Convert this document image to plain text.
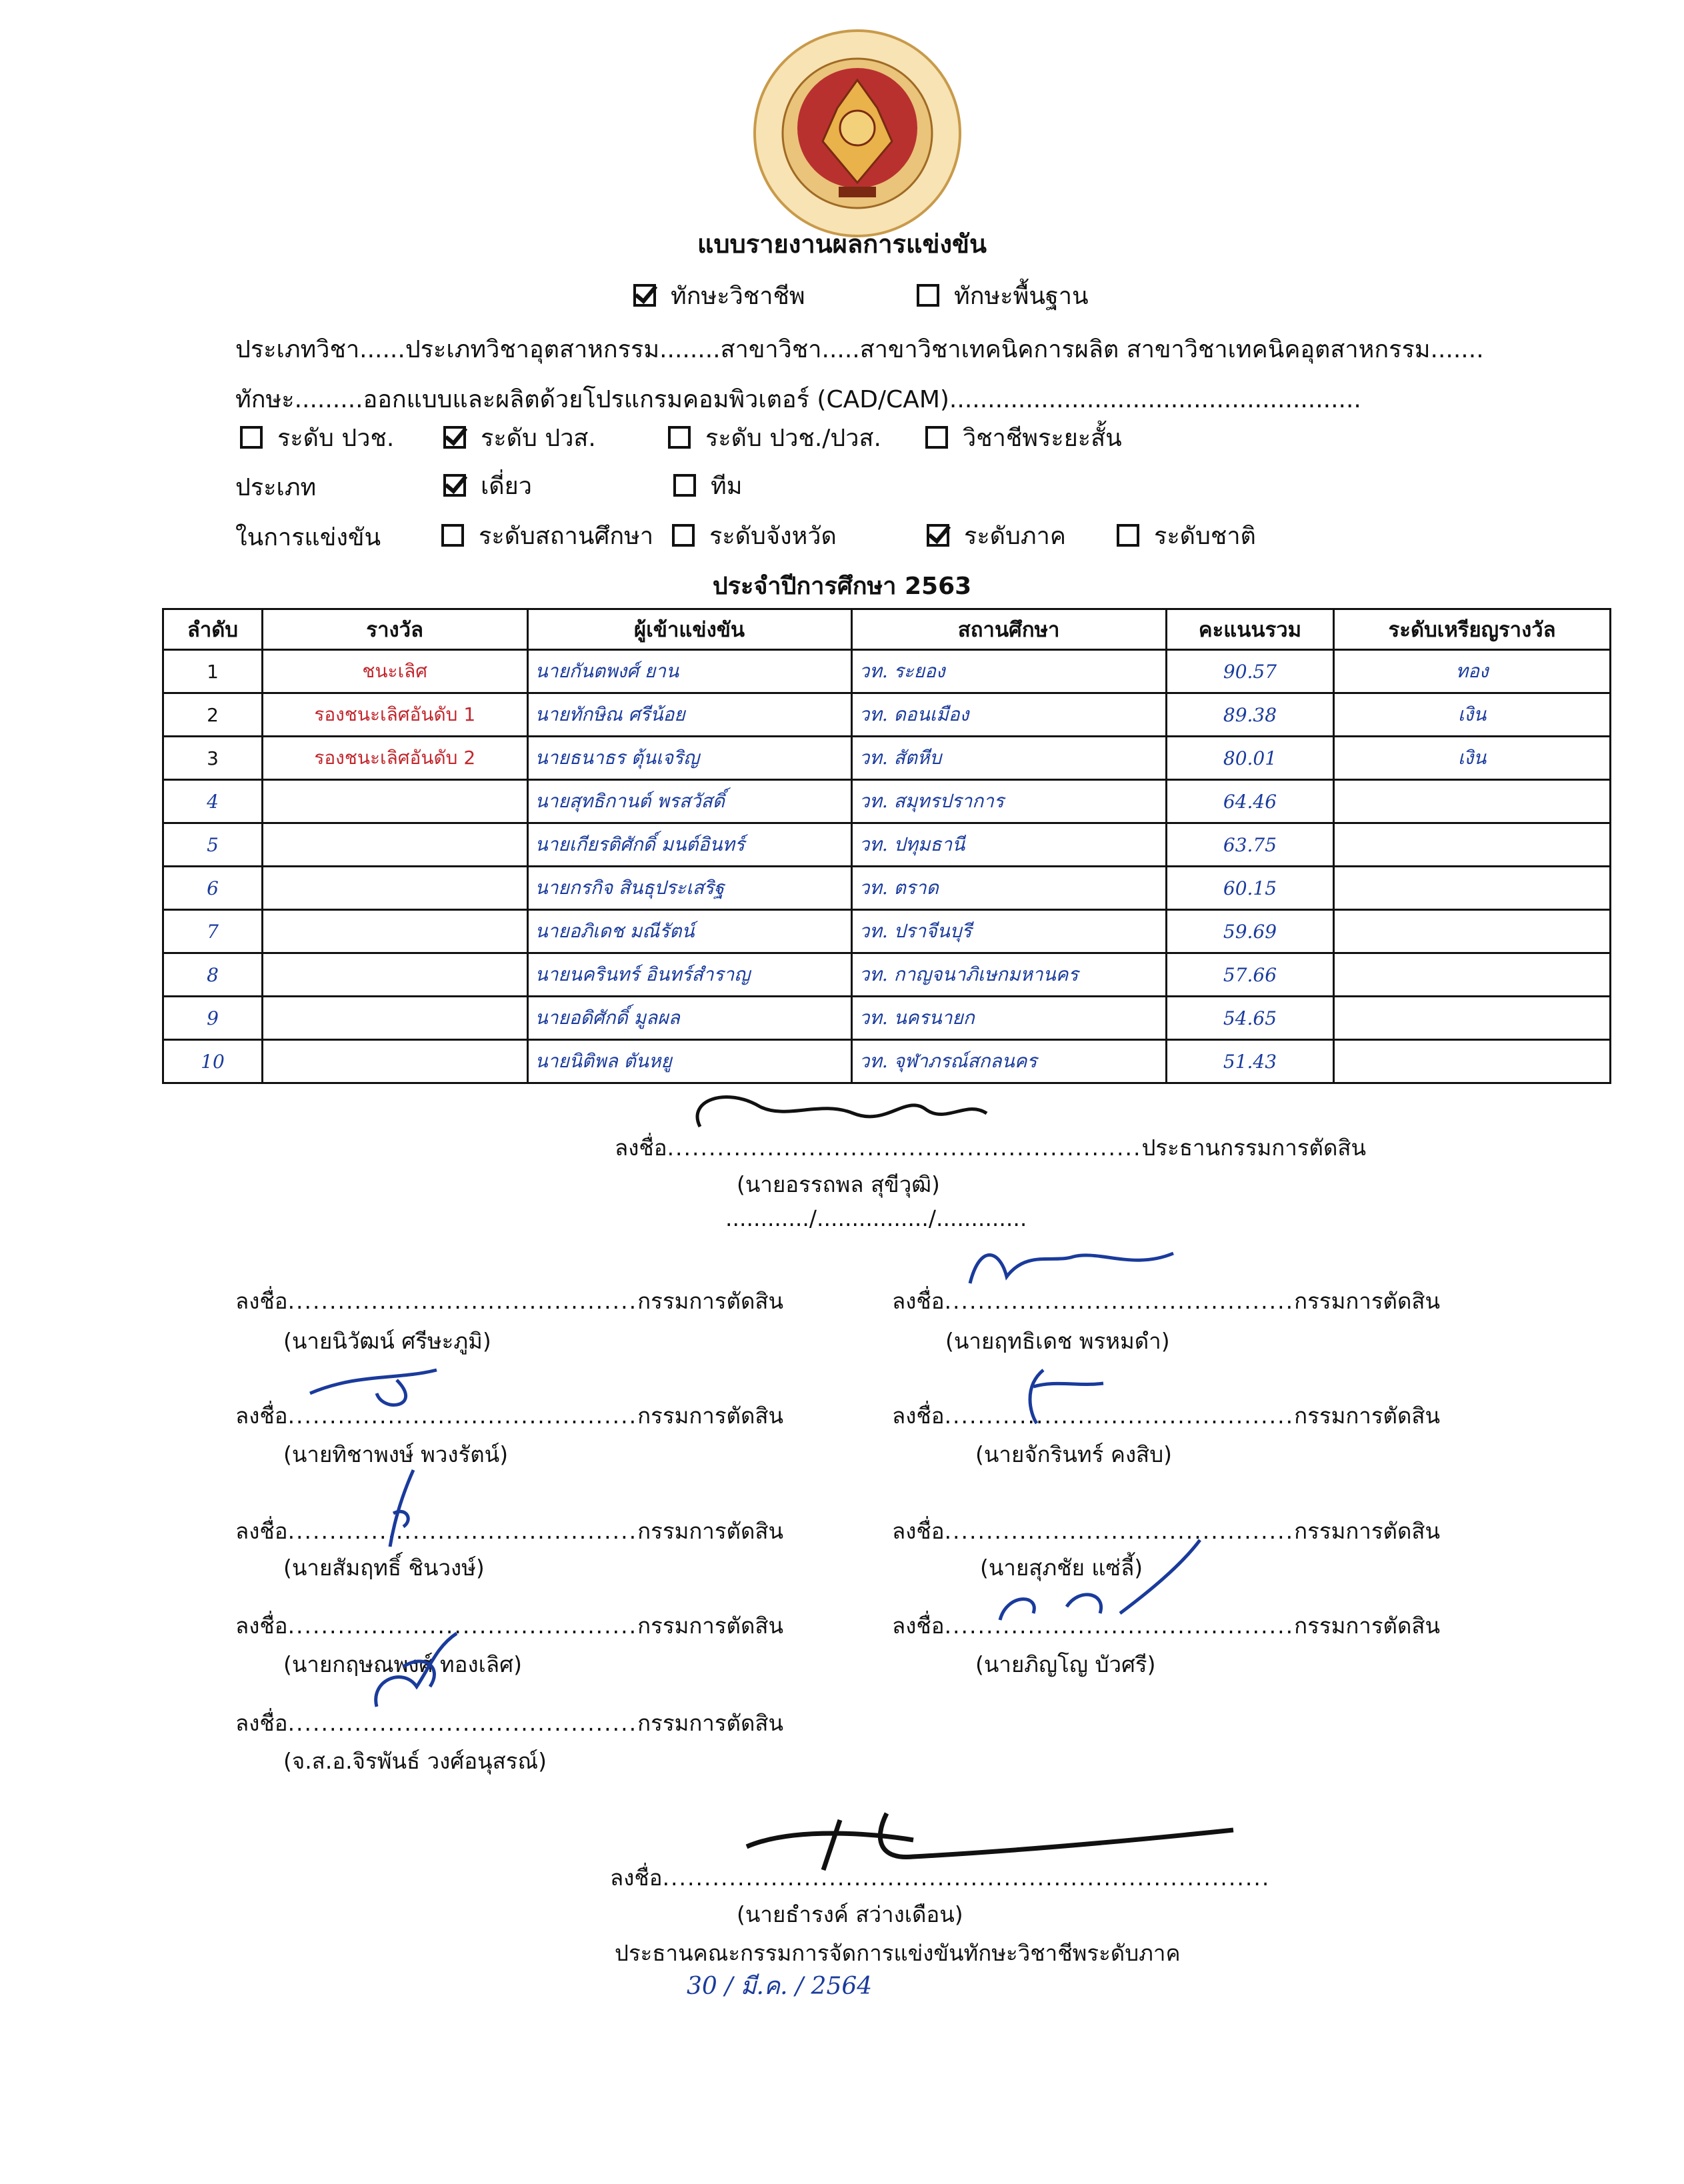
แบบรายงานผลการแข่งขัน
ทักษะวิชาชีพ	ทักษะพื้นฐาน
ประเภทวิชา......ประเภทวิชาอุตสาหกรรม........สาขาวิชา.....สาขาวิชาเทคนิคการผลิต สาขาวิชาเทคนิคอุตสาหกรรม.......
ทักษะ.........ออกแบบและผลิตด้วยโปรแกรมคอมพิวเตอร์ (CAD/CAM)......................................................
ระดับ ปวช.	ระดับ ปวส.	ระดับ ปวช./ปวส.	วิชาชีพระยะสั้น
ประเภท	เดี่ยว	ทีม
ในการแข่งขัน	ระดับสถานศึกษา	ระดับจังหวัด	ระดับภาค	ระดับชาติ
ประจำปีการศึกษา 2563
ลำดับ	รางวัล	ผู้เข้าแข่งขัน	สถานศึกษา	คะแนนรวม	ระดับเหรียญรางวัล
1	ชนะเลิศ	นายกันตพงศ์ ยาน	วท. ระยอง	90.57	ทอง
2	รองชนะเลิศอันดับ 1	นายทักษิณ ศรีน้อย	วท. ดอนเมือง	89.38	เงิน
3	รองชนะเลิศอันดับ 2	นายธนาธร ตุ้นเจริญ	วท. สัตหีบ	80.01	เงิน
4		นายสุทธิกานต์ พรสวัสดิ์	วท. สมุทรปราการ	64.46	
5		นายเกียรติศักดิ์ มนต์อินทร์	วท. ปทุมธานี	63.75	
6		นายกรกิจ สินธุประเสริฐ	วท. ตราด	60.15	
7		นายอภิเดช มณีรัตน์	วท. ปราจีนบุรี	59.69	
8		นายนครินทร์ อินทร์สำราญ	วท. กาญจนาภิเษกมหานคร	57.66	
9		นายอดิศักดิ์ มูลผล	วท. นครนายก	54.65	
10		นายนิติพล ตันหยู	วท. จุฬาภรณ์สกลนคร	51.43	
ลงชื่อ.........................................................ประธานกรรมการตัดสิน
(นายอรรถพล สุขีวุฒิ)
............/................/.............
ลงชื่อ..........................................กรรมการตัดสิน
(นายนิวัฒน์ ศรีษะภูมิ)
ลงชื่อ..........................................กรรมการตัดสิน
(นายทิชาพงษ์ พวงรัตน์)
ลงชื่อ..........................................กรรมการตัดสิน
(นายสัมฤทธิ์ ชินวงษ์)
ลงชื่อ..........................................กรรมการตัดสิน
(นายกฤษณพงศ์ ทองเลิศ)
ลงชื่อ..........................................กรรมการตัดสิน
(จ.ส.อ.จิรพันธ์ วงศ์อนุสรณ์)
ลงชื่อ..........................................กรรมการตัดสิน
(นายฤทธิเดช พรหมดำ)
ลงชื่อ..........................................กรรมการตัดสิน
(นายจักรินทร์ คงสิบ)
ลงชื่อ..........................................กรรมการตัดสิน
(นายสุภชัย แซ่ลี้)
ลงชื่อ..........................................กรรมการตัดสิน
(นายภิญโญ บัวศรี)
ลงชื่อ.........................................................................
(นายธำรงค์ สว่างเดือน)
ประธานคณะกรรมการจัดการแข่งขันทักษะวิชาชีพระดับภาค
30 / มี.ค. / 2564
